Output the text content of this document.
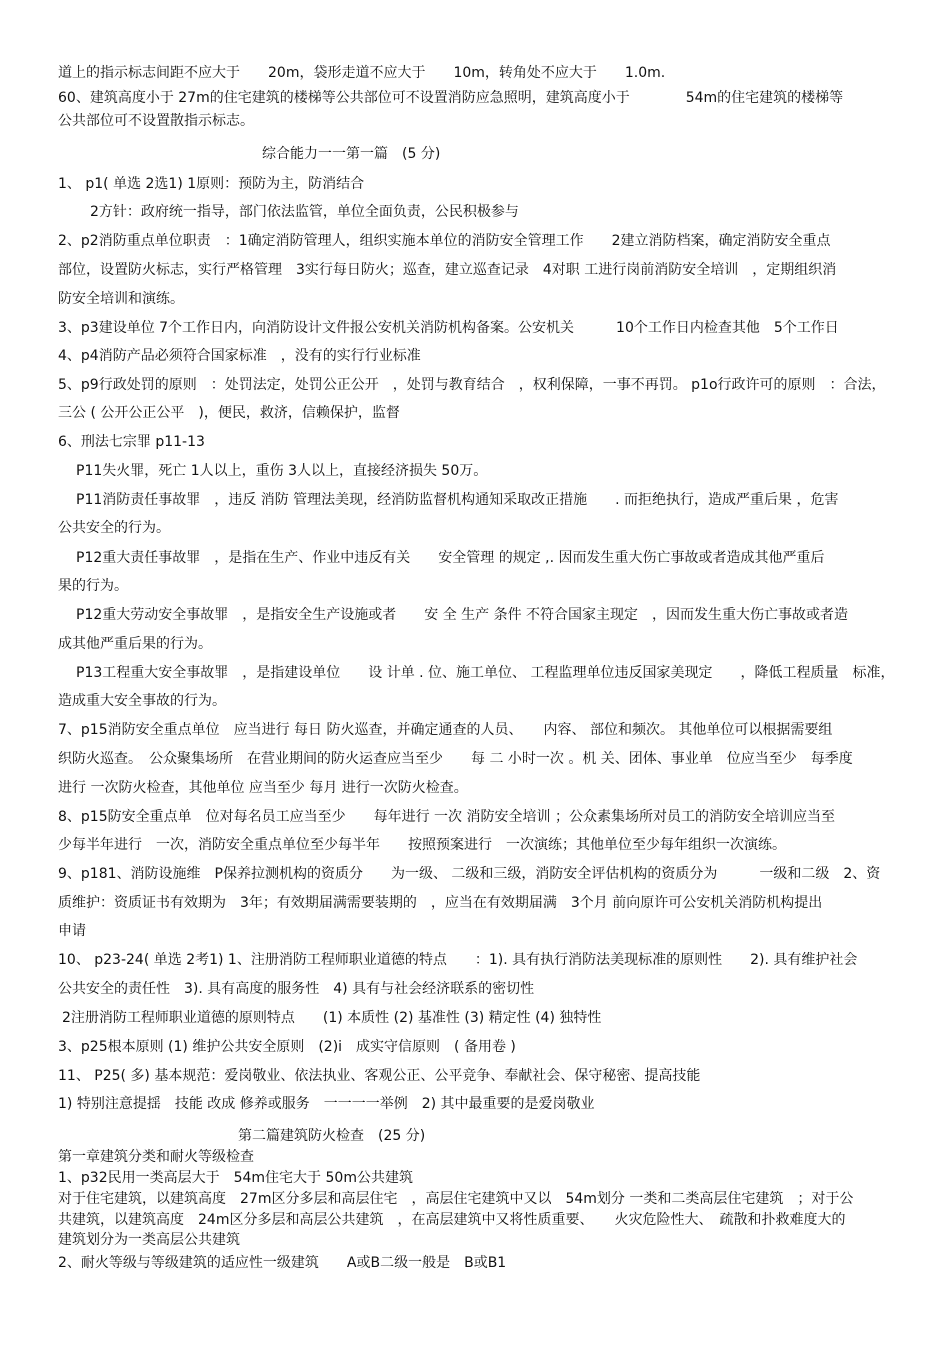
道上的指示标志间距不应大于　　20m，袋形走道不应大于　　10m，转角处不应大于　　1.0m.
60、建筑高度小于 27m的住宅建筑的楼梯等公共部位可不设置消防应急照明，建筑高度小于　　　　54m的住宅建筑的楼梯等
公共部位可不设置散指示标志。
综合能力一一第一篇　(5 分)
1、 p1( 单选 2选1) 1原则：预防为主，防消结合
2方针：政府统一指导，部门依法监管，单位全面负责，公民积极参与
2、p2消防重点单位职责　：1确定消防管理人，组织实施本单位的消防安全管理工作　　2建立消防档案，确定消防安全重点
部位，设置防火标志，实行严格管理　3实行每日防火；巡查，建立巡查记录　4对职 工进行岗前消防安全培训　，定期组织消
防安全培训和演练。
3、p3建设单位 7个工作日内，向消防设计文件报公安机关消防机构备案。公安机关　　　10个工作日内检查其他　5个工作日
4、p4消防产品必须符合国家标准　，没有的实行行业标准
5、p9行政处罚的原则　：处罚法定，处罚公正公开　，处罚与教育结合　，权利保障，一事不再罚。 p1o行政许可的原则　：合法，
三公 ( 公开公正公平　)，便民，救济，信赖保护，监督
6、刑法七宗罪 p11-13
P11失火罪，死亡 1人以上，重伤 3人以上，直接经济损失 50万。
P11消防责任事故罪　，违反 消防 管理法美现，经消防监督机构通知采取改正措施　　. 而拒绝执行，造成严重后果 ，危害
公共安全的行为。
P12重大责任事故罪　，是指在生产、作业中违反有关　　安全管理 的规定 ,. 因而发生重大伤亡事故或者造成其他严重后
果的行为。
P12重大劳动安全事故罪　，是指安全生产设施或者　　安 全 生产 条件 不符合国家主现定　，因而发生重大伤亡事故或者造
成其他严重后果的行为。
P13工程重大安全事故罪　，是指建设单位　　设 计单 . 位、施工单位、 工程监理单位违反国家美现定　　，降低工程质量　标准，
造成重大安全事故的行为。
7、p15消防安全重点单位　应当进行 每日 防火巡查，并确定通查的人员、　　内容、 部位和频次。 其他单位可以根据需要组
织防火巡查。　公众聚集场所　在营业期间的防火运查应当至少　　每 二 小时一次 。机 关、团体、事业单　位应当至少　每季度
进行 一次防火检查，其他单位 应当至少 每月 进行一次防火检查。
8、p15防安全重点单　位对每名员工应当至少　　每年进行 一次 消防安全培训 ；公众素集场所对员工的消防安全培训应当至
少每半年进行　一次，消防安全重点单位至少每半年　　按照预案进行　一次演练；其他单位至少每年组织一次演练。
9、p181、消防设施维　P保养拉测机构的资质分　　为一级、 二级和三级，消防安全评估机构的资质分为　　　一级和二级　2、资
质维护：资质证书有效期为　3年；有效期届满需要装期的　，应当在有效期届满　3个月 前向原许可公安机关消防机构提出
申请
10、 p23-24( 单选 2考1) 1、注册消防工程师职业道德的特点　　：1). 具有执行消防法美现标准的原则性　　2). 具有维护社会
公共安全的责任性　3). 具有高度的服务性　4) 具有与社会经济联系的密切性
2注册消防工程师职业道德的原则特点　　(1) 本质性 (2) 基准性 (3) 精定性 (4) 独特性
3、p25根本原则 (1) 维护公共安全原则　(2)i　成实守信原则　( 备用卷 )
11、 P25( 多) 基本规范：爱岗敬业、依法执业、客观公正、公平竞争、奉献社会、保守秘密、提高技能
1) 特别注意提揺　技能 改成 修养或服务　一一一一举例　2) 其中最重要的是爱岗敬业
第二篇建筑防火检查　(25 分)
第一章建筑分类和耐火等级检查
1、p32民用一类高层大于　54m住宅大于 50m公共建筑
对于住宅建筑，以建筑高度　27m区分多层和高层住宅　，高层住宅建筑中又以　54m划分 一类和二类高层住宅建筑　；对于公
共建筑，以建筑高度　24m区分多层和高层公共建筑　，在高层建筑中又将性质重要、　　火灾危险性大、　疏散和扑救难度大的
建筑划分为一类高层公共建筑
2、耐火等级与等级建筑的适应性一级建筑　　A或B二级一般是　B或B1
